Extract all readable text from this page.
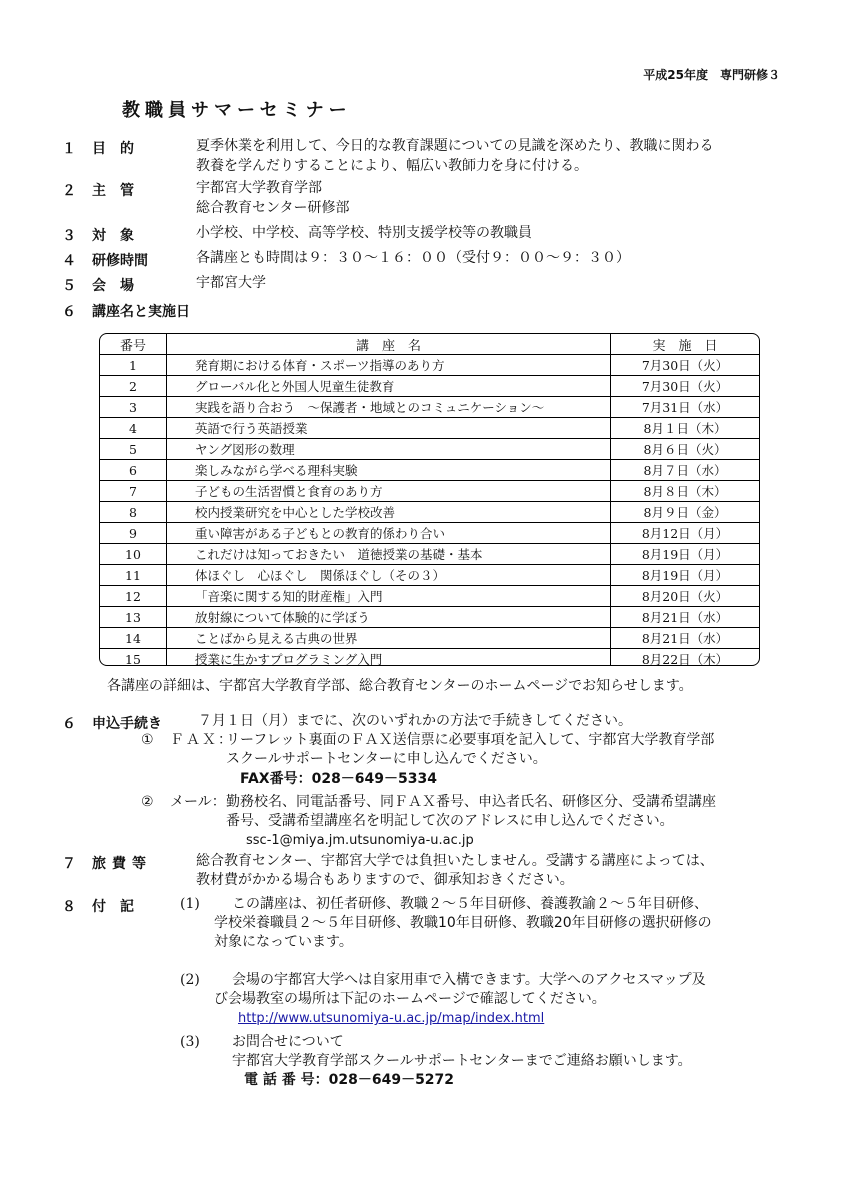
平成25年度　専門研修３
教職員サマーセミナー
１ 目　的	夏季休業を利用して、今日的な教育課題についての見識を深めたり、教職に関わる
教養を学んだりすることにより、幅広い教師力を身に付ける。
２ 主　管	宇都宮大学教育学部
総合教育センター研修部
３ 対　象	小学校、中学校、高等学校、特別支援学校等の教職員
４ 研修時間	各講座とも時間は９：３０～１６：００（受付９：００～９：３０）
５ 会　場	宇都宮大学
６ 講座名と実施日
番号	講　座　名	実　施　日
1	発育期における体育・スポーツ指導のあり方	7月30日（火）
2	グローバル化と外国人児童生徒教育	7月30日（火）
3	実践を語り合おう　～保護者・地域とのコミュニケーション～	7月31日（水）
4	英語で行う英語授業	8月１日（木）
5	ヤング図形の数理	8月６日（火）
6	楽しみながら学べる理科実験	8月７日（水）
7	子どもの生活習慣と食育のあり方	8月８日（木）
8	校内授業研究を中心とした学校改善	8月９日（金）
9	重い障害がある子どもとの教育的係わり合い	8月12日（月）
10	これだけは知っておきたい　道徳授業の基礎・基本	8月19日（月）
11	体ほぐし　心ほぐし　関係ほぐし（その３）	8月19日（月）
12	「音楽に関する知的財産権」入門	8月20日（火）
13	放射線について体験的に学ぼう	8月21日（水）
14	ことばから見える古典の世界	8月21日（水）
15	授業に生かすプログラミング入門	8月22日（木）
各講座の詳細は、宇都宮大学教育学部、総合教育センターのホームページでお知らせします。
６ 申込手続き	７月１日（月）までに、次のいずれかの方法で手続きしてください。
① ＦＡＸ：
リーフレット裏面のＦＡＸ送信票に必要事項を記入して、宇都宮大学教育学部
スクールサポートセンターに申し込んでください。
FAX番号：028－649－5334
② メール： 勤務校名、同電話番号、同ＦＡＸ番号、申込者氏名、研修区分、受講希望講座
番号、受講希望講座名を明記して次のアドレスに申し込んでください。
ssc-1@miya.jm.utsunomiya-u.ac.jp
７ 旅費等	総合教育センター、宇都宮大学では負担いたしません。受講する講座によっては、
教材費がかかる場合もありますので、御承知おきください。
８ 付　記	(1) この講座は、初任者研修、教職２～５年目研修、養護教諭２～５年目研修、
学校栄養職員２～５年目研修、教職10年目研修、教職20年目研修の選択研修の
対象になっています。
(2) 会場の宇都宮大学へは自家用車で入構できます。大学へのアクセスマップ及
び会場教室の場所は下記のホームページで確認してください。
http://www.utsunomiya-u.ac.jp/map/index.html
(3) お問合せについて
宇都宮大学教育学部スクールサポートセンターまでご連絡お願いします。
電 話 番 号：028－649－5272
